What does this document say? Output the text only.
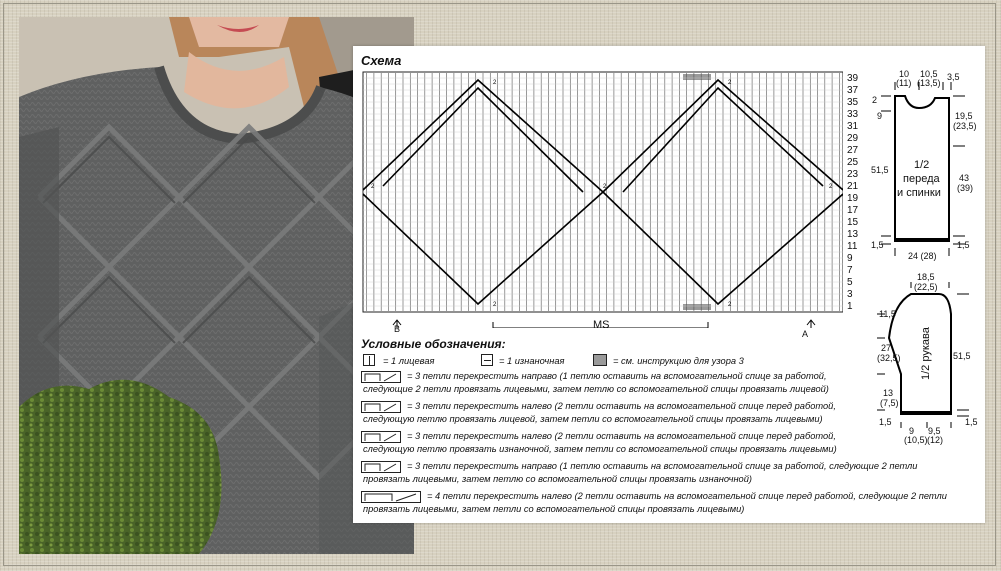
Схема
2	2
2	2
2	2	2
MS
B	A
39
37
35
33
31
29
27
25
23
21
19
17
15
13
11
9
7
5
3
1
10
(11)
10,5
(13,5)
3,5
2
9
51,5
1,5
19,5
(23,5)
43
(39)
1,5
1/2
переда
и спинки
24 (28)
18,5
(22,5)
11,5
27
(32,5)
13
(7,5)
1,5
51,5
1,5
1/2 рукава
9
(10,5)
9,5
(12)
Условные обозначения:
= 1 лицевая	= 1 изнаночная	= см. инструкцию для узора 3
= 3 петли перекрестить направо (1 петлю оставить на вспомогательной спице за работой,
следующие 2 петли провязать лицевыми, затем петлю со вспомогательной спицы провязать лицевой)
= 3 петли перекрестить налево (2 петли оставить на вспомогательной спице перед работой,
следующую петлю провязать лицевой, затем петли со вспомогательной спицы провязать лицевыми)
= 3 петли перекрестить налево (2 петли оставить на вспомогательной спице перед работой,
следующую петлю провязать изнаночной, затем петли со вспомогательной спицы провязать лицевыми)
= 3 петли перекрестить направо (1 петлю оставить на вспомогательной спице за работой, следующие 2 петли
провязать лицевыми, затем петлю со вспомогательной спицы провязать изнаночной)
= 4 петли перекрестить налево (2 петли оставить на вспомогательной спице перед работой, следующие 2 петли
провязать лицевыми, затем петли со вспомогательной спицы провязать лицевыми)
